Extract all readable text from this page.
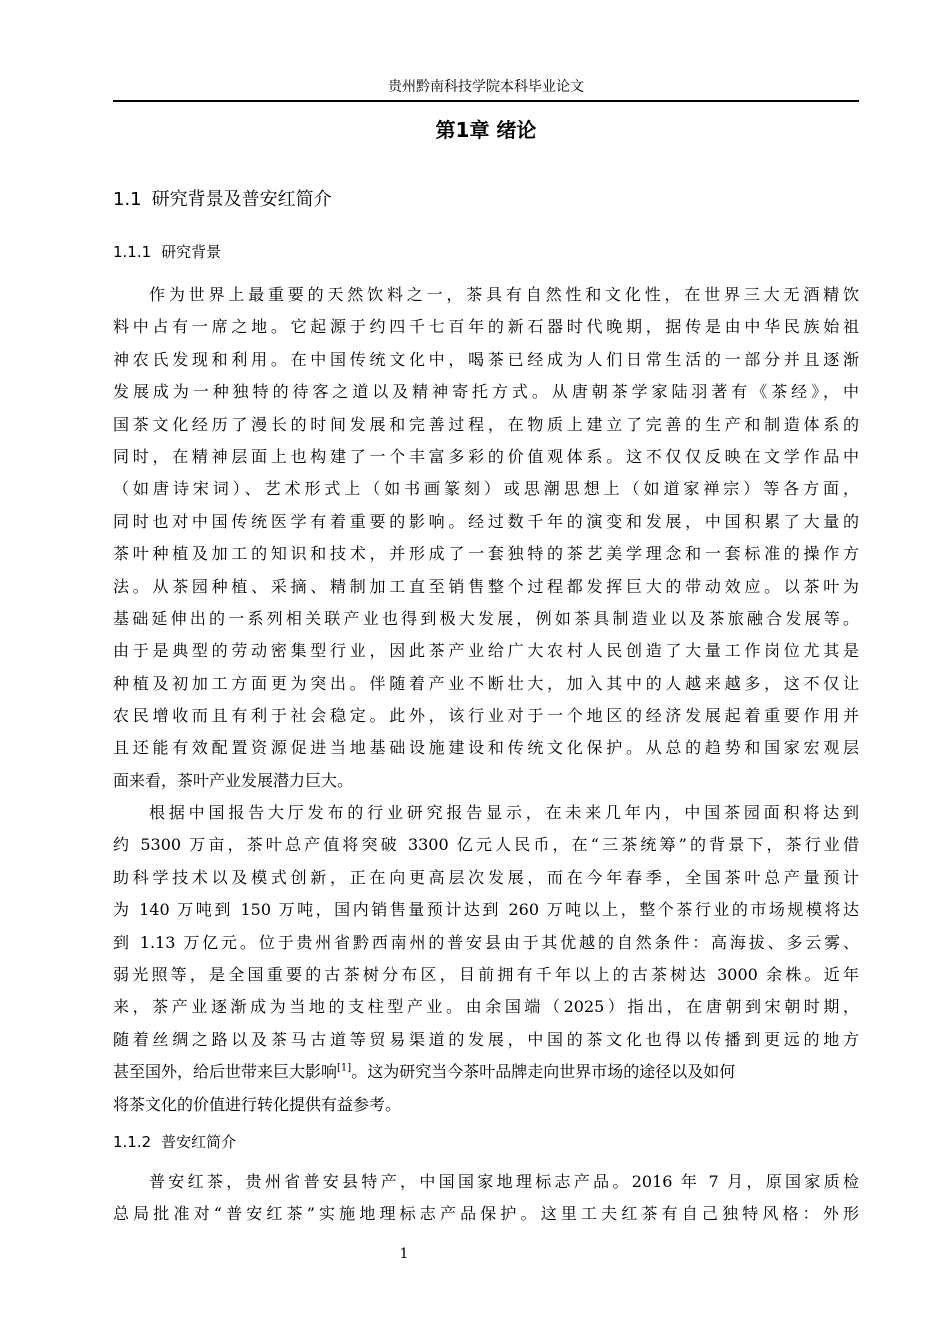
贵州黔南科技学院本科毕业论文
第1章 绪论
1.1 研究背景及普安红简介
1.1.1 研究背景
作为世界上最重要的天然饮料之一，茶具有自然性和文化性，在世界三大无酒精饮
料中占有一席之地。它起源于约四千七百年的新石器时代晚期，据传是由中华民族始祖
神农氏发现和利用。在中国传统文化中，喝茶已经成为人们日常生活的一部分并且逐渐
发展成为一种独特的待客之道以及精神寄托方式。从唐朝茶学家陆羽著有《茶经》，中
国茶文化经历了漫长的时间发展和完善过程，在物质上建立了完善的生产和制造体系的
同时，在精神层面上也构建了一个丰富多彩的价值观体系。这不仅仅反映在文学作品中
（如唐诗宋词）、艺术形式上（如书画篆刻）或思潮思想上（如道家禅宗）等各方面，
同时也对中国传统医学有着重要的影响。经过数千年的演变和发展，中国积累了大量的
茶叶种植及加工的知识和技术，并形成了一套独特的茶艺美学理念和一套标准的操作方
法。从茶园种植、采摘、精制加工直至销售整个过程都发挥巨大的带动效应。以茶叶为
基础延伸出的一系列相关联产业也得到极大发展，例如茶具制造业以及茶旅融合发展等。
由于是典型的劳动密集型行业，因此茶产业给广大农村人民创造了大量工作岗位尤其是
种植及初加工方面更为突出。伴随着产业不断壮大，加入其中的人越来越多，这不仅让
农民增收而且有利于社会稳定。此外，该行业对于一个地区的经济发展起着重要作用并
且还能有效配置资源促进当地基础设施建设和传统文化保护。从总的趋势和国家宏观层
面来看，茶叶产业发展潜力巨大。
根据中国报告大厅发布的行业研究报告显示，在未来几年内，中国茶园面积将达到
约 5300 万亩，茶叶总产值将突破 3300 亿元人民币，在“三茶统筹”的背景下，茶行业借
助科学技术以及模式创新，正在向更高层次发展，而在今年春季，全国茶叶总产量预计
为 140 万吨到 150 万吨，国内销售量预计达到 260 万吨以上，整个茶行业的市场规模将达
到 1.13 万亿元。位于贵州省黔西南州的普安县由于其优越的自然条件：高海拔、多云雾、
弱光照等，是全国重要的古茶树分布区，目前拥有千年以上的古茶树达 3000 余株。近年
来，茶产业逐渐成为当地的支柱型产业。由余国端（2025）指出，在唐朝到宋朝时期，
随着丝绸之路以及茶马古道等贸易渠道的发展，中国的茶文化也得以传播到更远的地方
甚至国外，给后世带来巨大影响[1]。这为研究当今茶叶品牌走向世界市场的途径以及如何
将茶文化的价值进行转化提供有益参考。
1.1.2 普安红简介
普安红茶，贵州省普安县特产，中国国家地理标志产品。2016 年 7 月，原国家质检
总局批准对“普安红茶”实施地理标志产品保护。这里工夫红茶有自己独特风格：外形
1
